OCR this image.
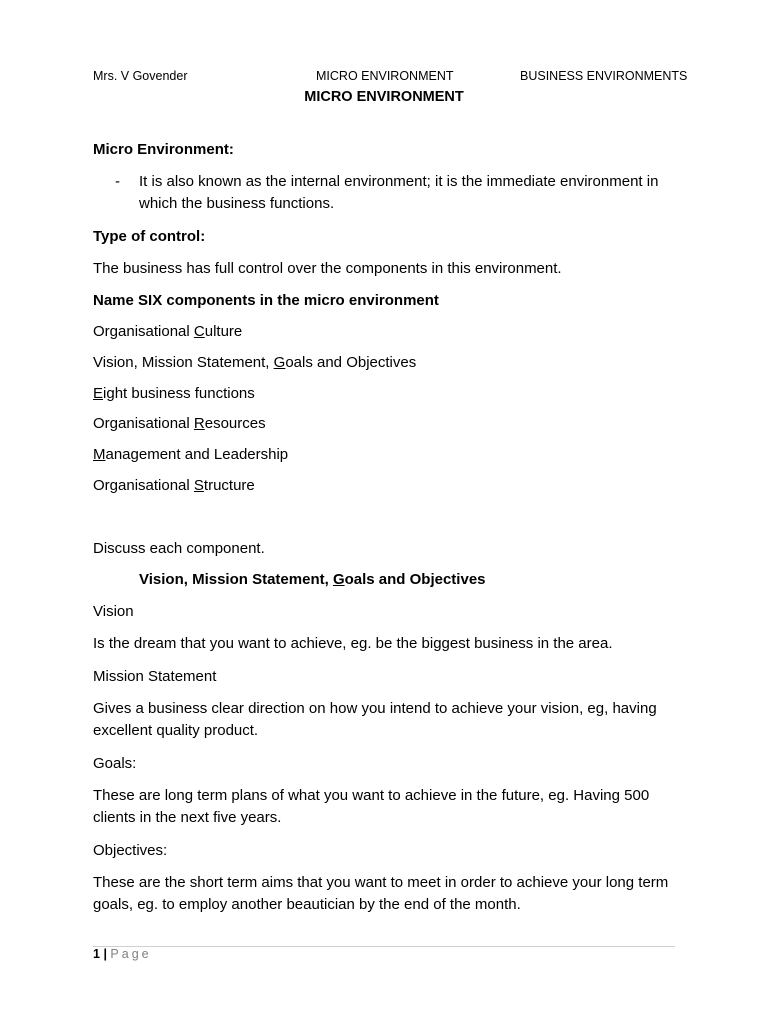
Mrs. V Govender	MICRO ENVIRONMENT	BUSINESS ENVIRONMENTS
MICRO ENVIRONMENT
Micro Environment:
- It is also known as the internal environment; it is the immediate environment in which the business functions.
Type of control:
The business has full control over the components in this environment.
Name SIX components in the micro environment
Organisational Culture
Vision, Mission Statement, Goals and Objectives
Eight business functions
Organisational Resources
Management and Leadership
Organisational Structure
Discuss each component.
Vision, Mission Statement, Goals and Objectives
Vision
Is the dream that you want to achieve, eg. be the biggest business in the area.
Mission Statement
Gives a business clear direction on how you intend to achieve your vision, eg, having excellent quality product.
Goals:
These are long term plans of what you want to achieve in the future, eg. Having 500 clients in the next five years.
Objectives:
These are the short term aims that you want to meet in order to achieve your long term goals, eg. to employ another beautician by the end of the month.
1 | Page
